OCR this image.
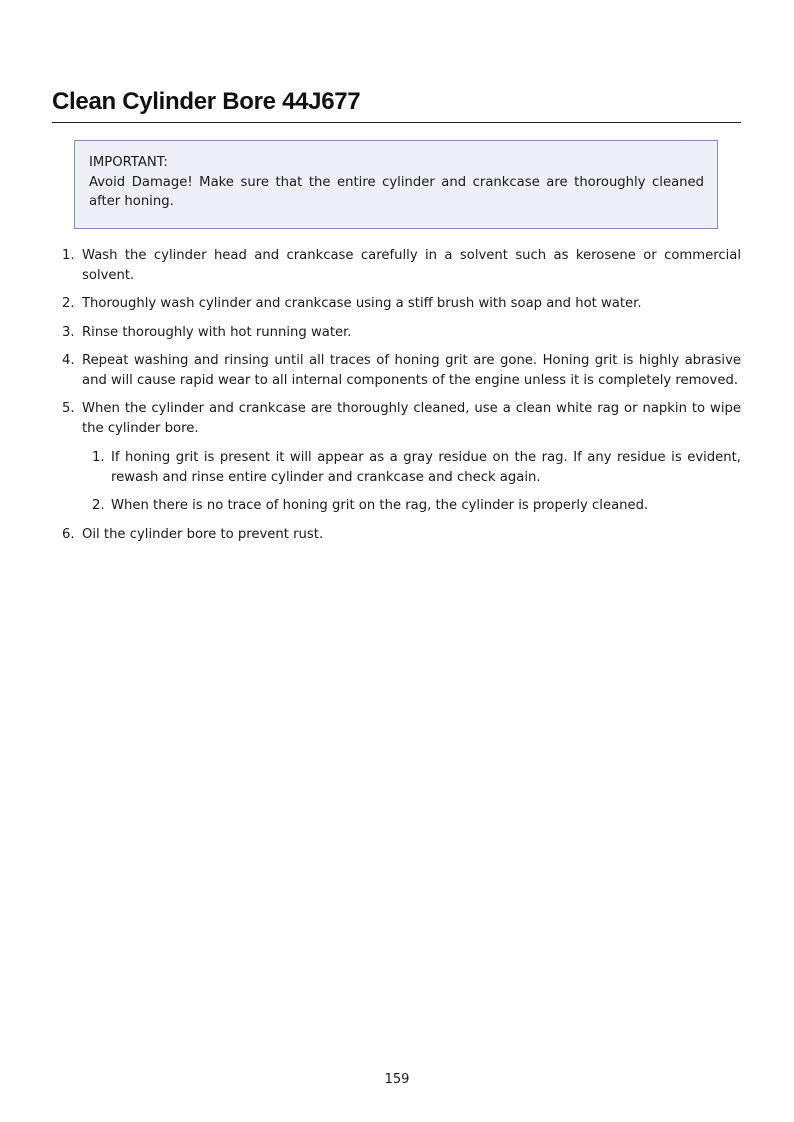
Clean Cylinder Bore 44J677
IMPORTANT:
Avoid Damage! Make sure that the entire cylinder and crankcase are thoroughly cleaned after honing.
1. Wash the cylinder head and crankcase carefully in a solvent such as kerosene or commercial solvent.
2. Thoroughly wash cylinder and crankcase using a stiff brush with soap and hot water.
3. Rinse thoroughly with hot running water.
4. Repeat washing and rinsing until all traces of honing grit are gone. Honing grit is highly abrasive and will cause rapid wear to all internal components of the engine unless it is completely removed.
5. When the cylinder and crankcase are thoroughly cleaned, use a clean white rag or napkin to wipe the cylinder bore.
1. If honing grit is present it will appear as a gray residue on the rag. If any residue is evident, rewash and rinse entire cylinder and crankcase and check again.
2. When there is no trace of honing grit on the rag, the cylinder is properly cleaned.
6. Oil the cylinder bore to prevent rust.
159
